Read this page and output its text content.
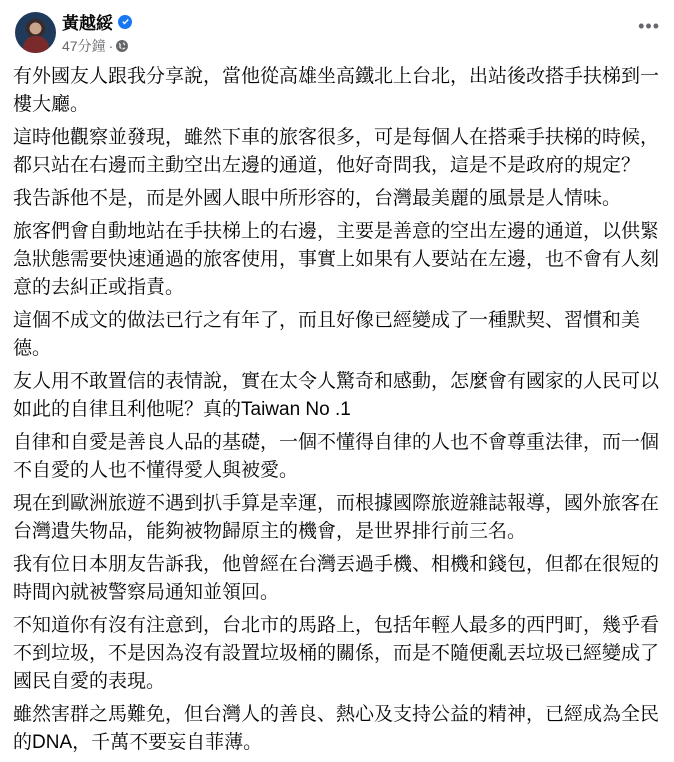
黃越綏
47分鐘 ·
•••

有外國友人跟我分享說，當他從高雄坐高鐵北上台北，出站後改搭手扶梯到一樓大廳。

這時他觀察並發現，雖然下車的旅客很多，可是每個人在搭乘手扶梯的時候，都只站在右邊而主動空出左邊的通道，他好奇問我，這是不是政府的規定？

我告訴他不是，而是外國人眼中所形容的，台灣最美麗的風景是人情味。

旅客們會自動地站在手扶梯上的右邊，主要是善意的空出左邊的通道，以供緊急狀態需要快速通過的旅客使用，事實上如果有人要站在左邊，也不會有人刻意的去糾正或指責。

這個不成文的做法已行之有年了，而且好像已經變成了一種默契、習慣和美德。

友人用不敢置信的表情說，實在太令人驚奇和感動，怎麼會有國家的人民可以如此的自律且利他呢？真的Taiwan No .1

自律和自愛是善良人品的基礎，一個不懂得自律的人也不會尊重法律，而一個不自愛的人也不懂得愛人與被愛。

現在到歐洲旅遊不遇到扒手算是幸運，而根據國際旅遊雜誌報導，國外旅客在台灣遺失物品，能夠被物歸原主的機會，是世界排行前三名。

我有位日本朋友告訴我，他曾經在台灣丟過手機、相機和錢包，但都在很短的時間內就被警察局通知並領回。

不知道你有沒有注意到，台北市的馬路上，包括年輕人最多的西門町，幾乎看不到垃圾，不是因為沒有設置垃圾桶的關係，而是不隨便亂丟垃圾已經變成了國民自愛的表現。

雖然害群之馬難免，但台灣人的善良、熱心及支持公益的精神，已經成為全民的DNA，千萬不要妄自菲薄。
